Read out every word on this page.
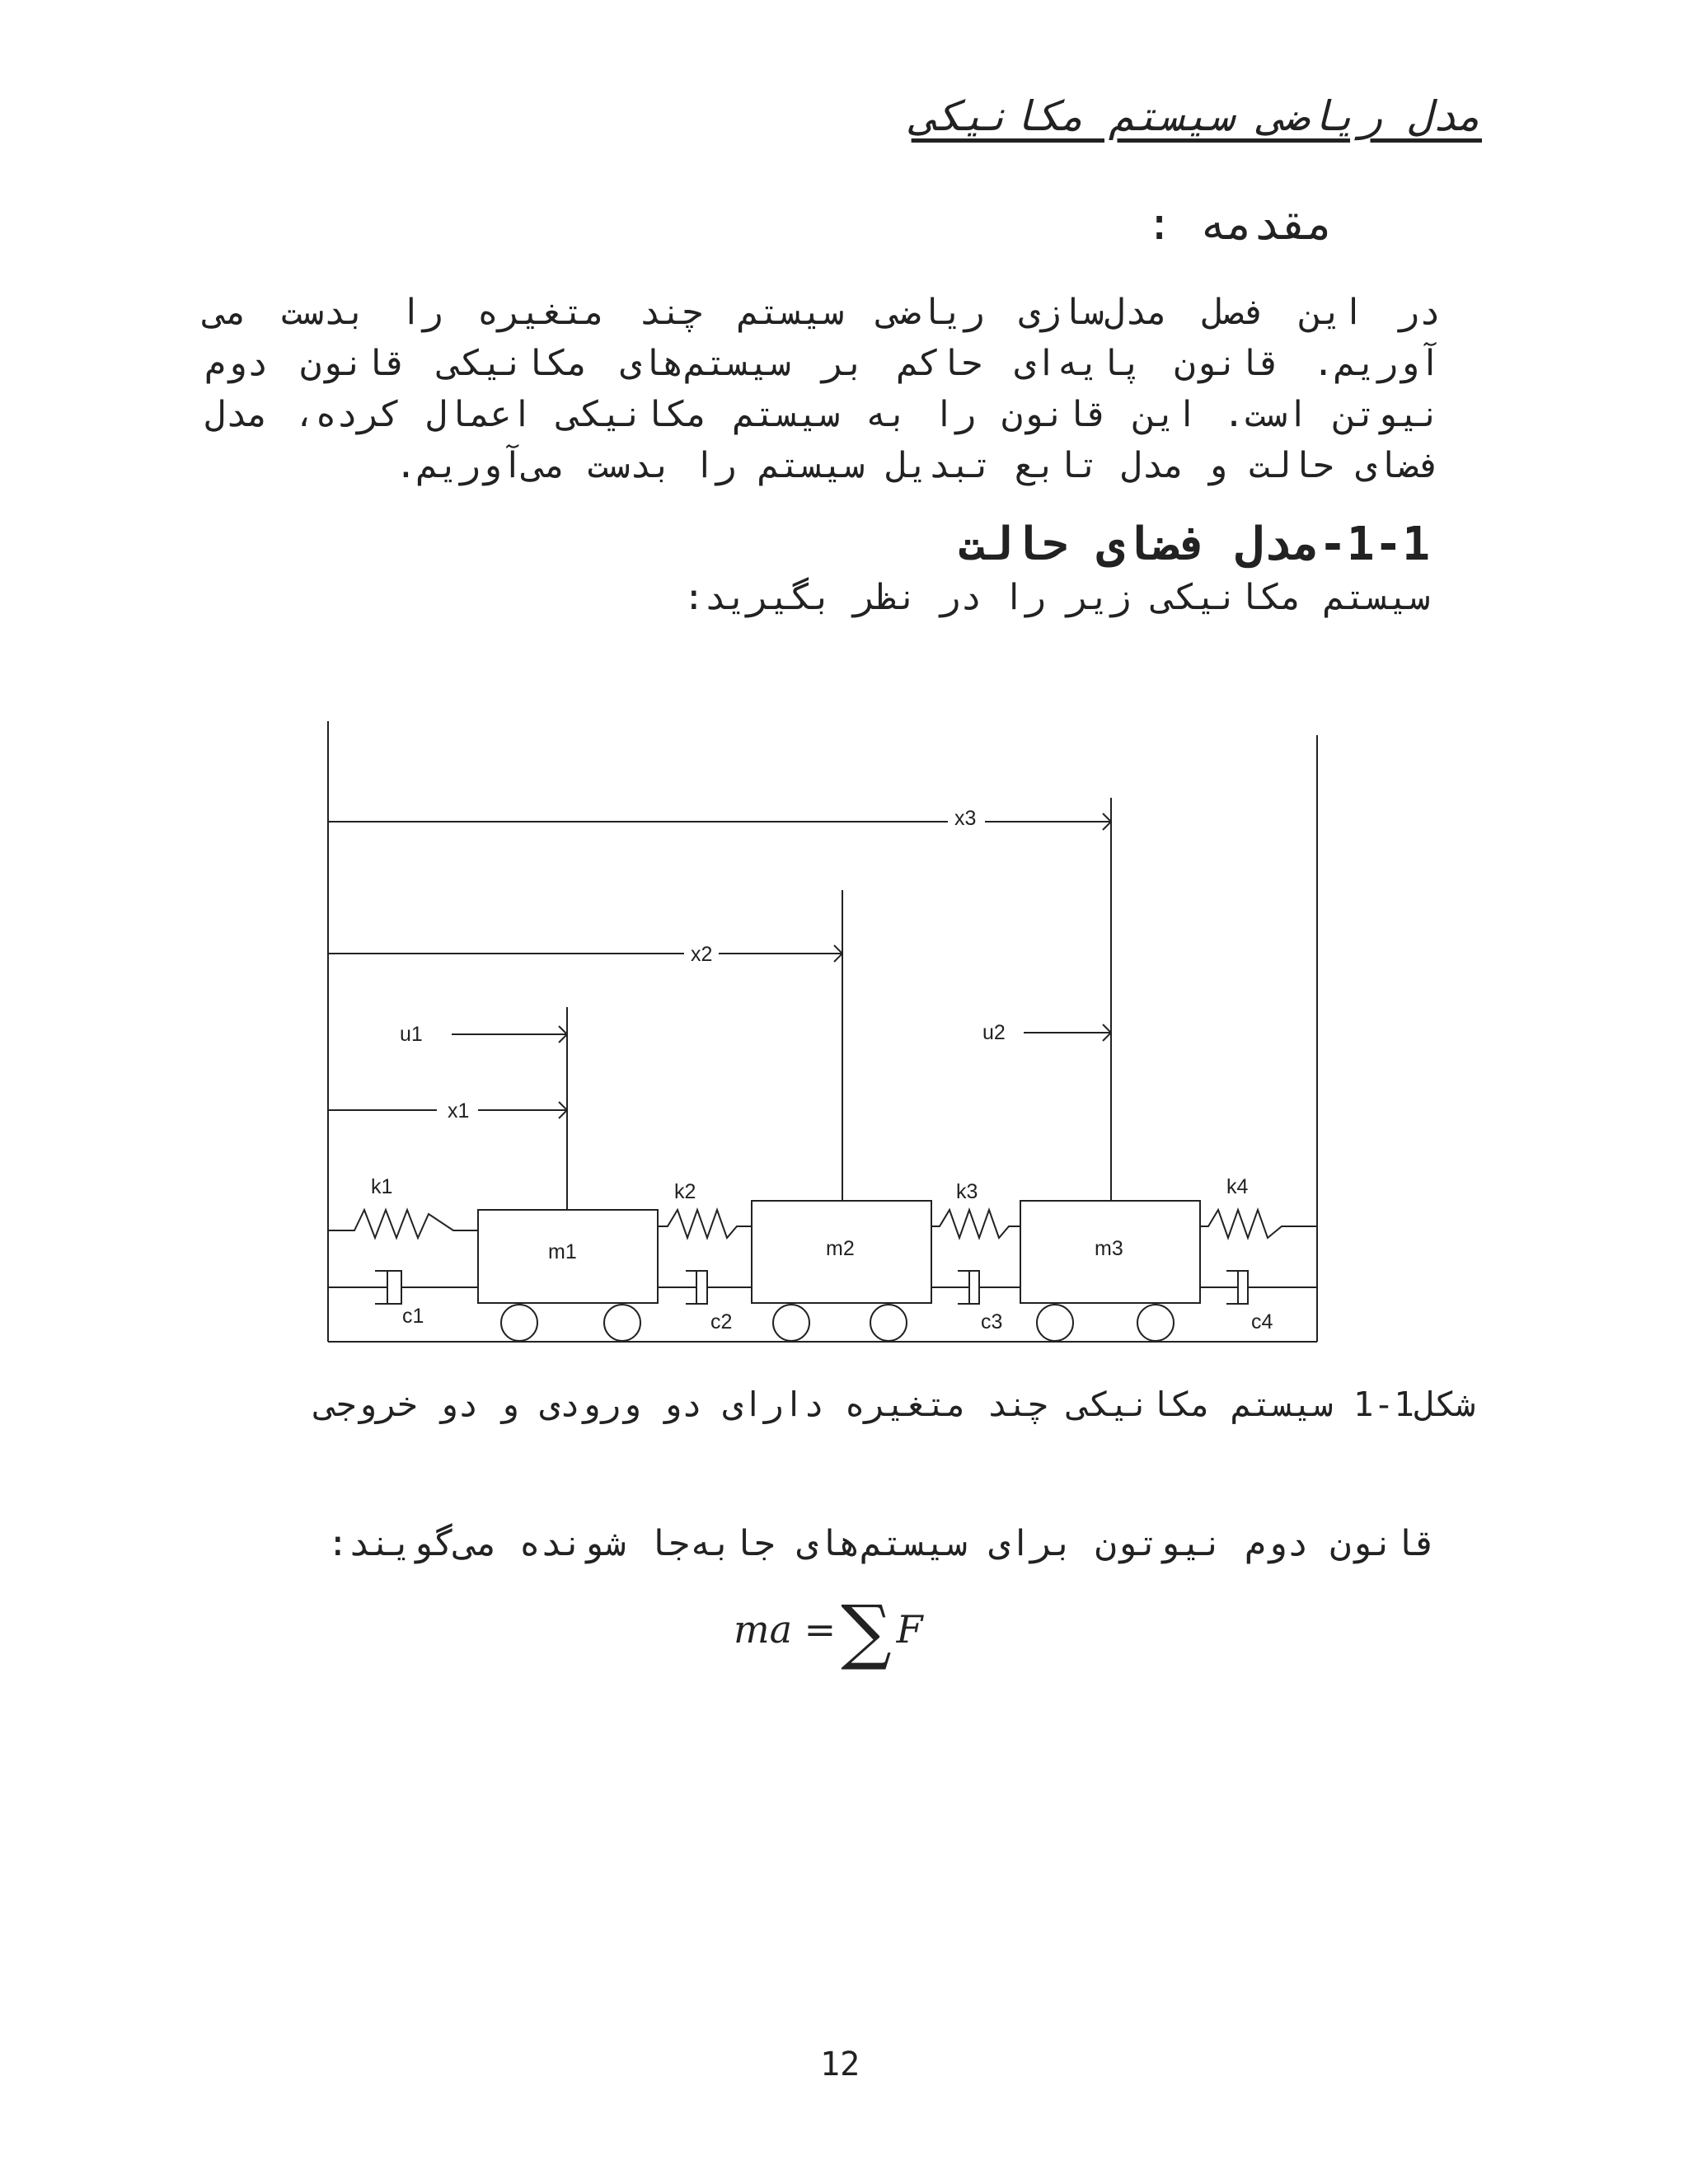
مدل ریاضی سیستم مکانیکی
مقدمه :
در این فصل مدل‌سازی ریاضی سیستم چند متغیره را بدست می آوریم. قانون پایه‌ای حاکم بر سیستم‌های مکانیکی قانون دوم نیوتن است. این قانون را به سیستم مکانیکی اعمال کرده، مدل فضای حالت و مدل تابع تبدیل سیستم را بدست می‌آوریم.
1-1-مدل فضای حالت
سیستم مکانیکی زیر را در نظر بگیرید:
m1	m2	m3
k1	k2	k3	k4
c1	c2	c3	c4
x1
x2
x3
u1	u2
شکل1-1 سیستم مکانیکی چند متغیره دارای دو ورودی و دو خروجی
قانون دوم نیوتون برای سیستم‌های جابه‌جا شونده می‌گویند:
ma =∑ F
12
